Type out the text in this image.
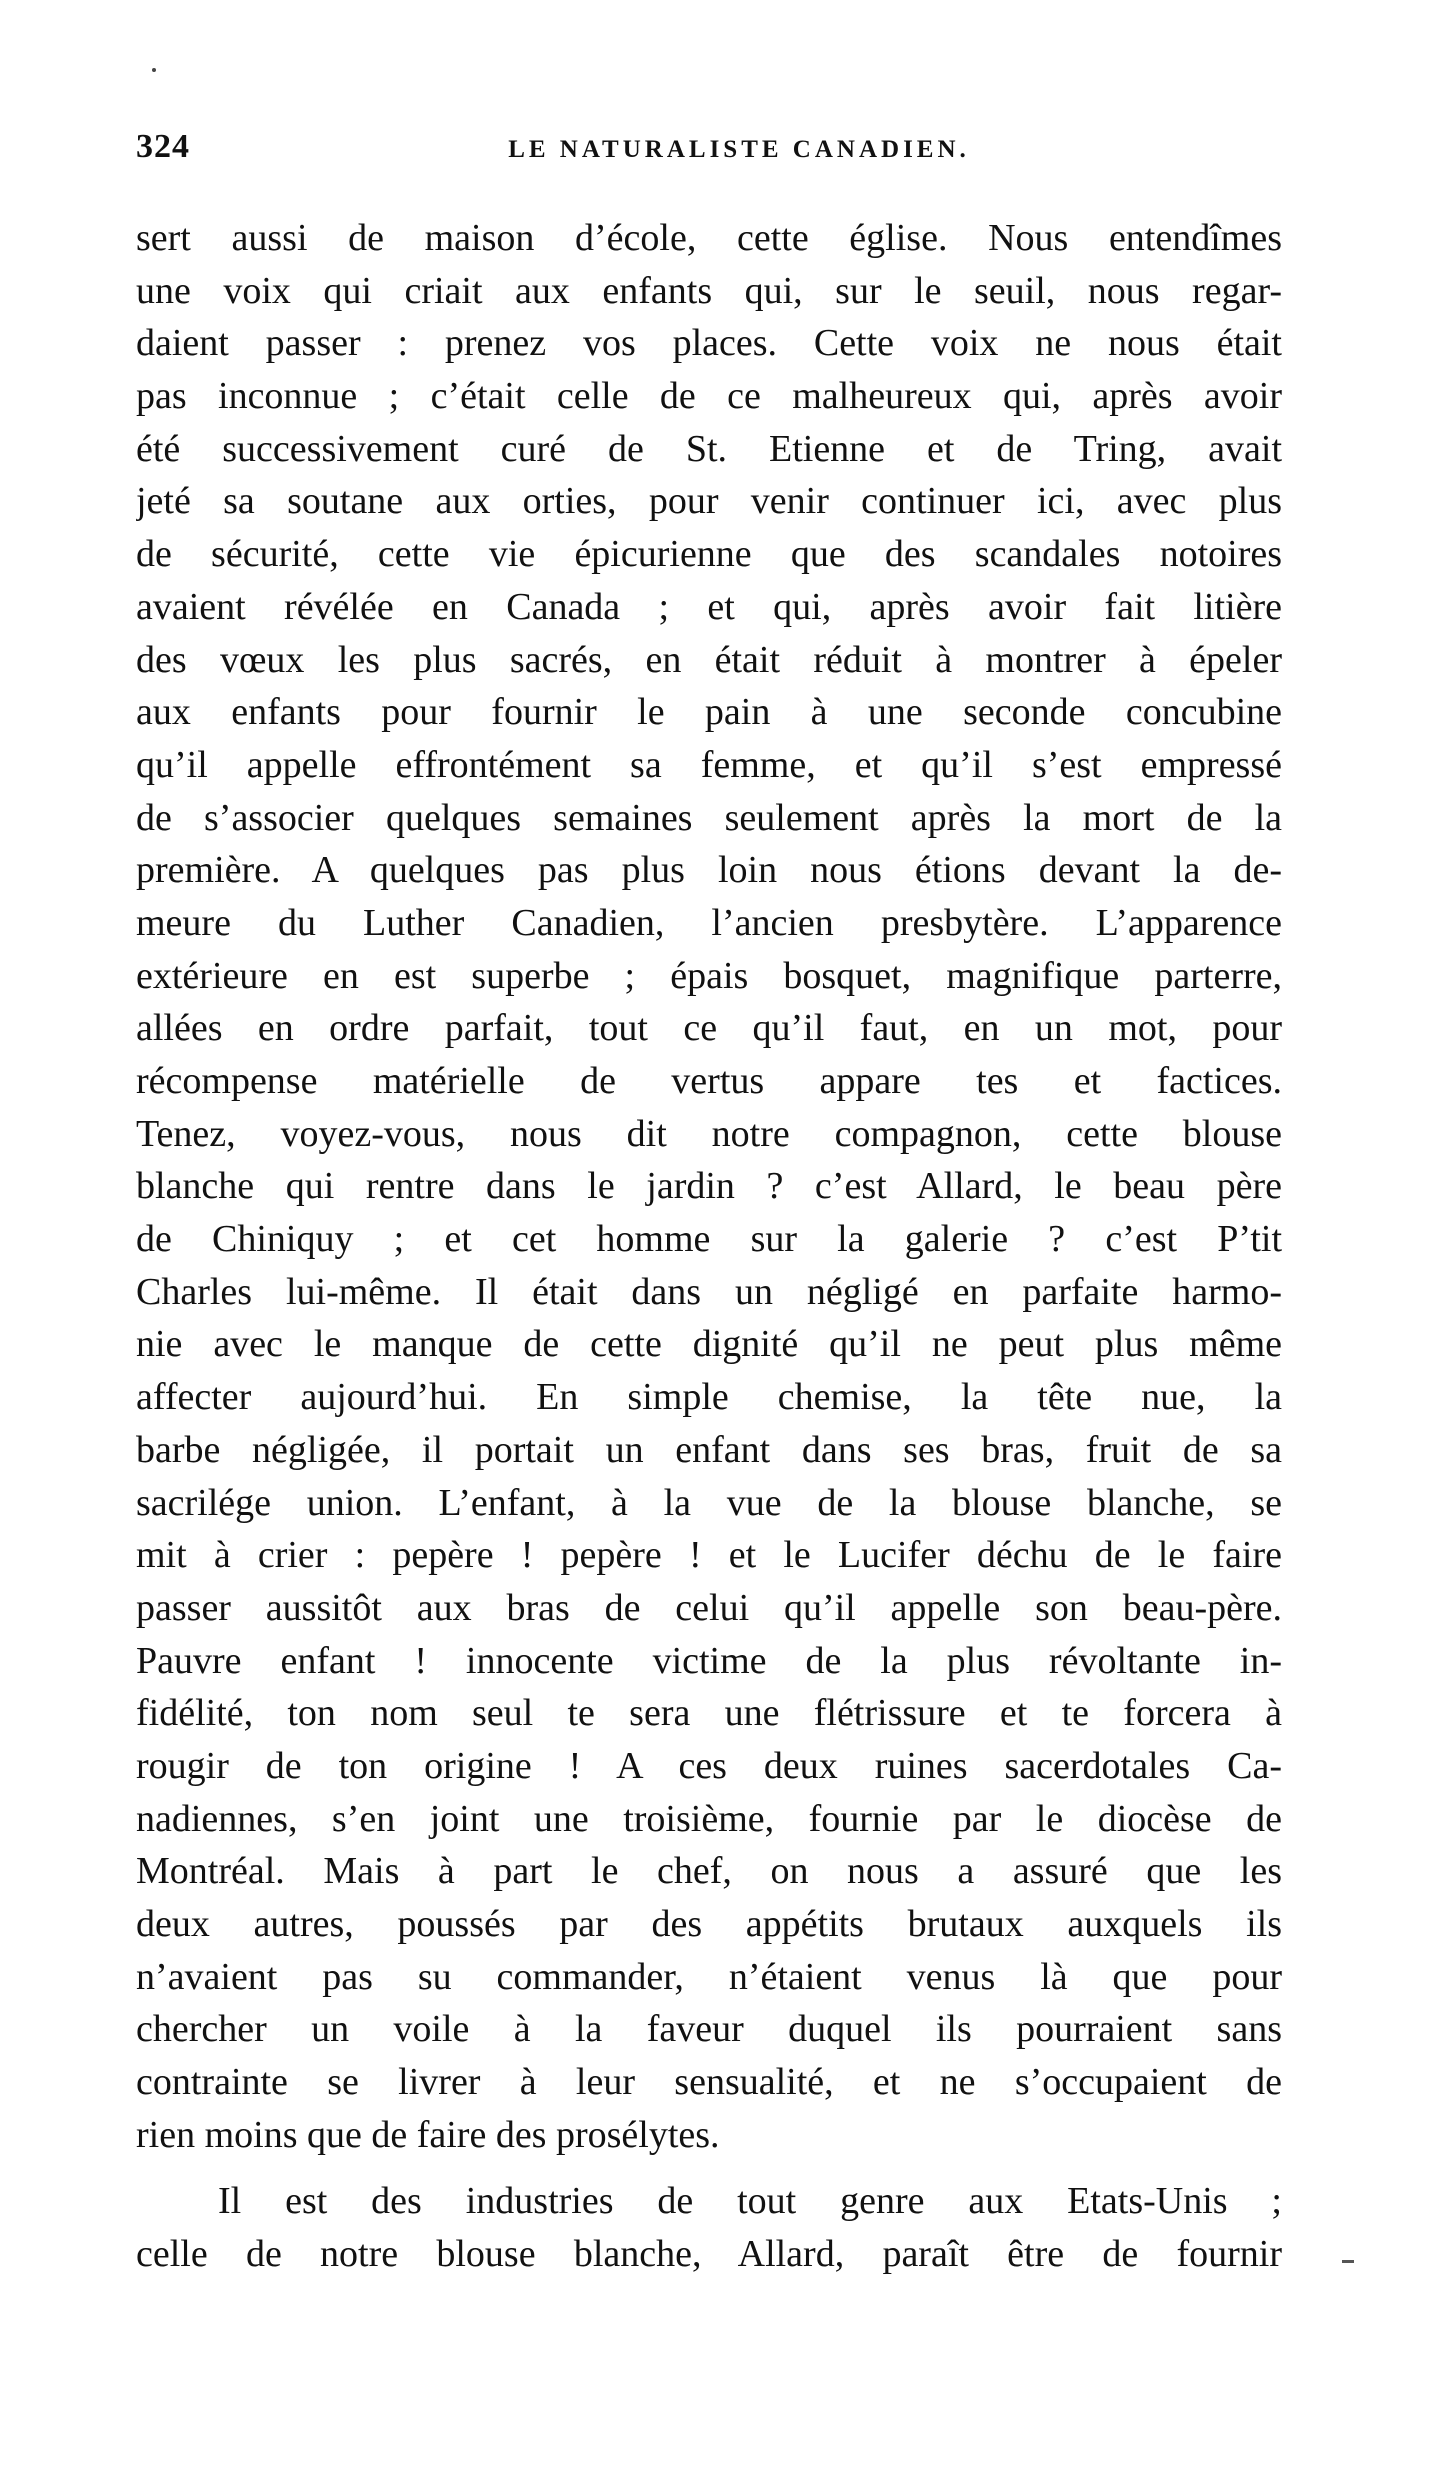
324	LE NATURALISTE CANADIEN.
sert aussi de maison d’école, cette église. Nous entendîmes
une voix qui criait aux enfants qui, sur le seuil, nous regar-
daient passer : prenez vos places. Cette voix ne nous était
pas inconnue ; c’était celle de ce malheureux qui, après avoir
été successivement curé de St. Etienne et de Tring, avait
jeté sa soutane aux orties, pour venir continuer ici, avec plus
de sécurité, cette vie épicurienne que des scandales notoires
avaient révélée en Canada ; et qui, après avoir fait litière
des vœux les plus sacrés, en était réduit à montrer à épeler
aux enfants pour fournir le pain à une seconde concubine
qu’il appelle effrontément sa femme, et qu’il s’est empressé
de s’associer quelques semaines seulement après la mort de la
première. A quelques pas plus loin nous étions devant la de-
meure du Luther Canadien, l’ancien presbytère. L’apparence
extérieure en est superbe ; épais bosquet, magnifique parterre,
allées en ordre parfait, tout ce qu’il faut, en un mot, pour
récompense matérielle de vertus appare tes et factices.
Tenez, voyez-vous, nous dit notre compagnon, cette blouse
blanche qui rentre dans le jardin ? c’est Allard, le beau père
de Chiniquy ; et cet homme sur la galerie ? c’est P’tit
Charles lui-même. Il était dans un négligé en parfaite harmo-
nie avec le manque de cette dignité qu’il ne peut plus même
affecter aujourd’hui. En simple chemise, la tête nue, la
barbe négligée, il portait un enfant dans ses bras, fruit de sa
sacrilége union. L’enfant, à la vue de la blouse blanche, se
mit à crier : pepère ! pepère ! et le Lucifer déchu de le faire
passer aussitôt aux bras de celui qu’il appelle son beau-père.
Pauvre enfant ! innocente victime de la plus révoltante in-
fidélité, ton nom seul te sera une flétrissure et te forcera à
rougir de ton origine ! A ces deux ruines sacerdotales Ca-
nadiennes, s’en joint une troisième, fournie par le diocèse de
Montréal. Mais à part le chef, on nous a assuré que les
deux autres, poussés par des appétits brutaux auxquels ils
n’avaient pas su commander, n’étaient venus là que pour
chercher un voile à la faveur duquel ils pourraient sans
contrainte se livrer à leur sensualité, et ne s’occupaient de
rien moins que de faire des prosélytes.
Il est des industries de tout genre aux Etats-Unis ;
celle de notre blouse blanche, Allard, paraît être de fournir
